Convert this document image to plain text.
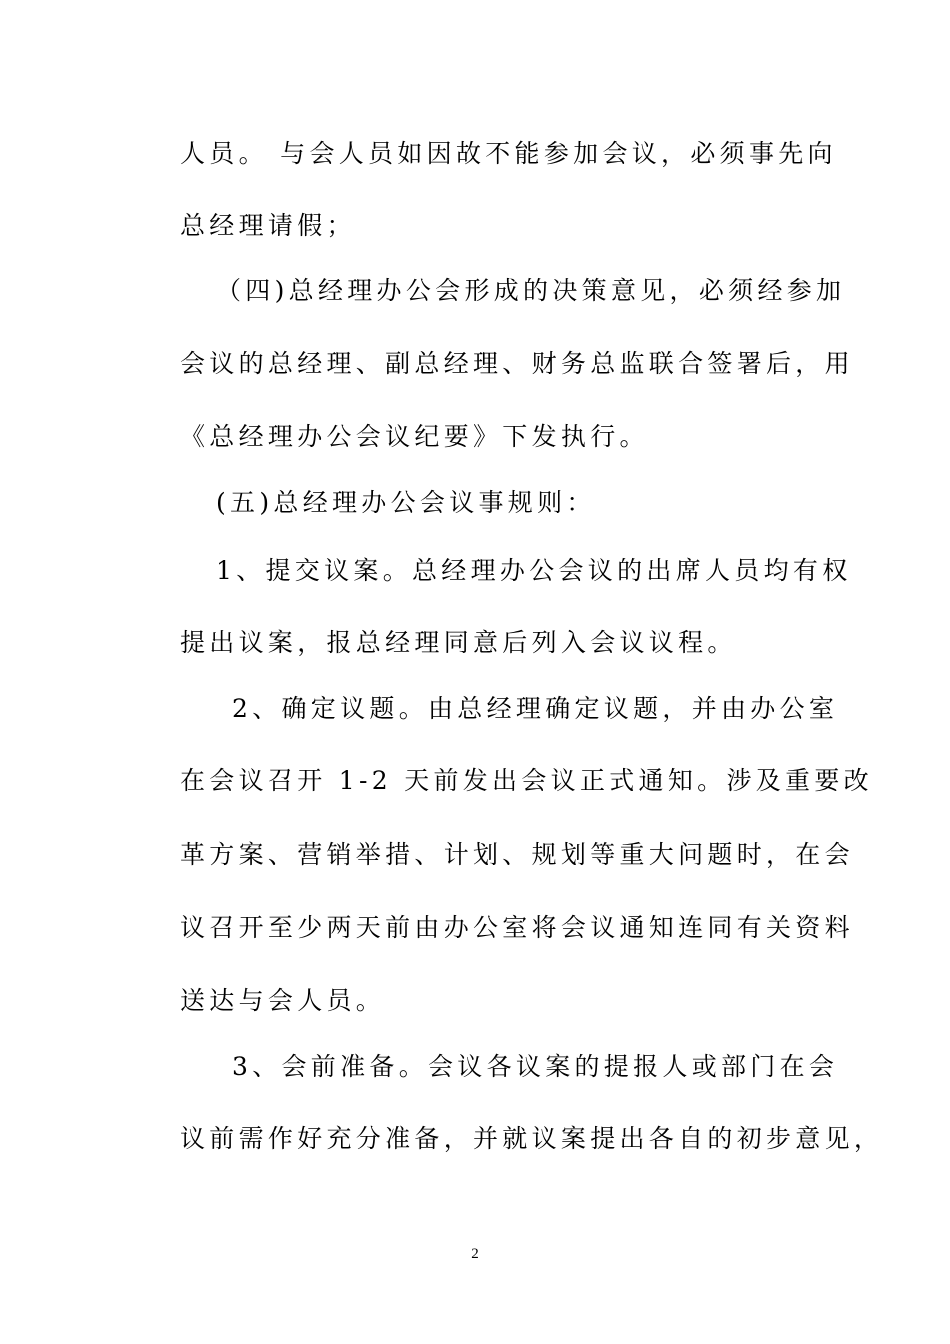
人员。 与会人员如因故不能参加会议，必须事先向
总经理请假；
（四)总经理办公会形成的决策意见，必须经参加
会议的总经理、副总经理、财务总监联合签署后，用
《总经理办公会议纪要》下发执行。
(五)总经理办公会议事规则：
1、提交议案。总经理办公会议的出席人员均有权
提出议案，报总经理同意后列入会议议程。
2、确定议题。由总经理确定议题，并由办公室
在会议召开 1-2 天前发出会议正式通知。涉及重要改
革方案、营销举措、计划、规划等重大问题时，在会
议召开至少两天前由办公室将会议通知连同有关资料
送达与会人员。
3、会前准备。会议各议案的提报人或部门在会
议前需作好充分准备，并就议案提出各自的初步意见，
2
